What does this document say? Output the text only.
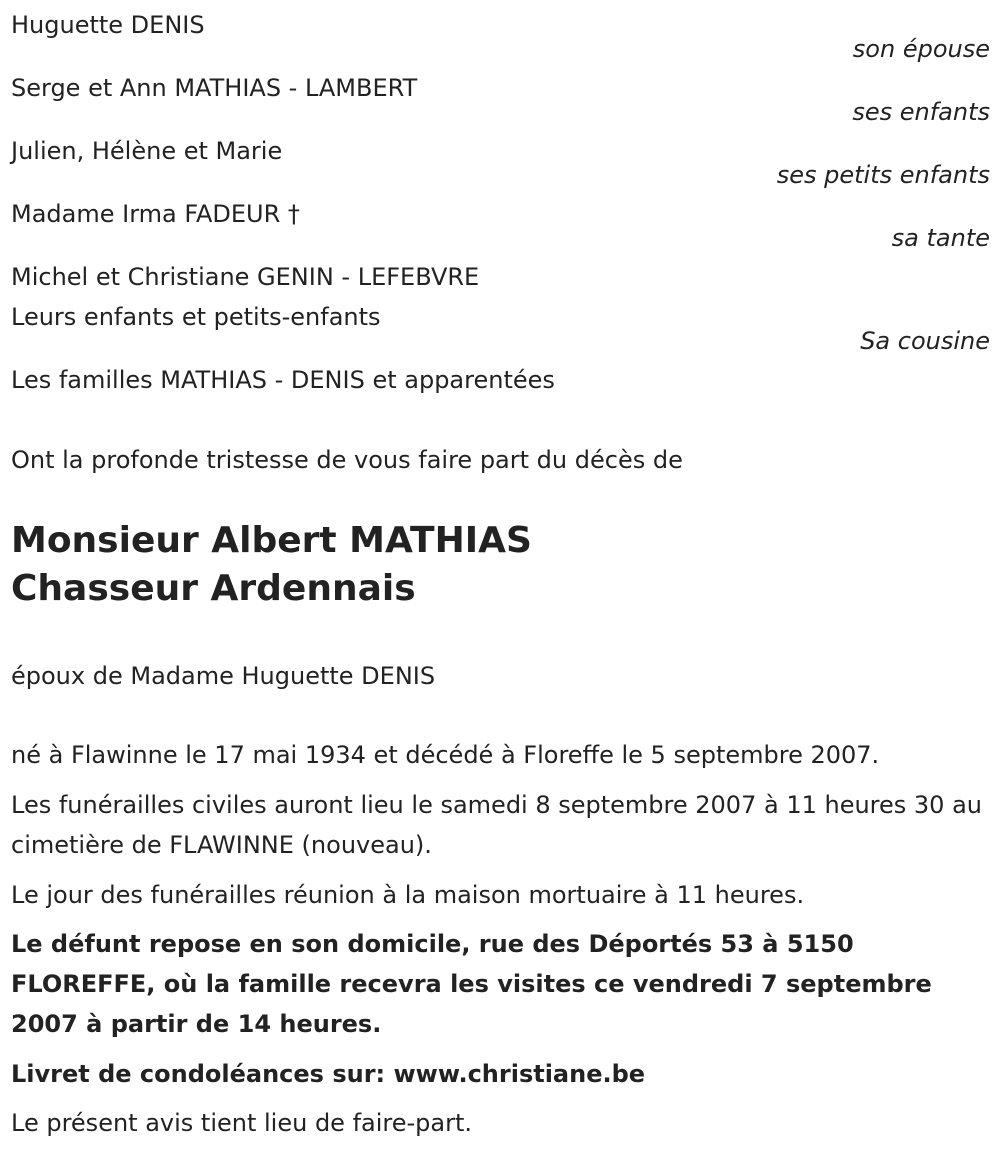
Huguette DENIS
son épouse
Serge et Ann MATHIAS - LAMBERT
ses enfants
Julien, Hélène et Marie
ses petits enfants
Madame Irma FADEUR †
sa tante
Michel et Christiane GENIN - LEFEBVRE
Leurs enfants et petits-enfants
Sa cousine
Les familles MATHIAS - DENIS et apparentées
Ont la profonde tristesse de vous faire part du décès de
Monsieur Albert MATHIAS
Chasseur Ardennais
époux de Madame Huguette DENIS
né à Flawinne le 17 mai 1934 et décédé à Floreffe le 5 septembre 2007.
Les funérailles civiles auront lieu le samedi 8 septembre 2007 à 11 heures 30 au cimetière de FLAWINNE (nouveau).
Le jour des funérailles réunion à la maison mortuaire à 11 heures.
Le défunt repose en son domicile, rue des Déportés 53 à 5150 FLOREFFE, où la famille recevra les visites ce vendredi 7 septembre 2007 à partir de 14 heures.
Livret de condoléances sur: www.christiane.be
Le présent avis tient lieu de faire-part.
